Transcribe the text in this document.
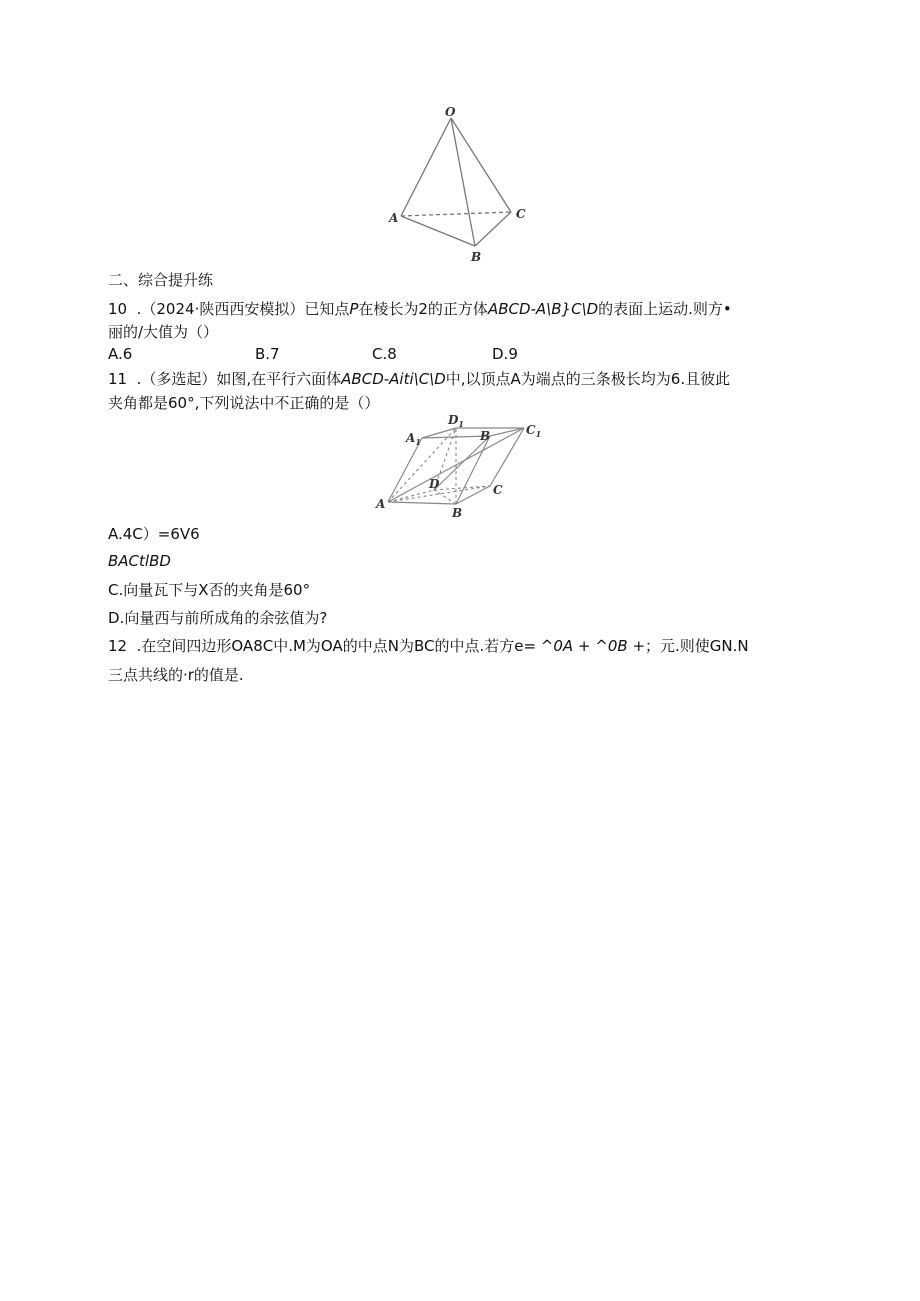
O
A	C
B
二、综合提升练
10  .（2024·陕西西安模拟）已知点P在棱长为2的正方体ABCD-A\B}C\D的表面上运动.则方•
丽的/大值为（）
A.6	B.7	C.8	D.9
11  .（多选起）如图,在平行六面体ABCD-Aiti\C\D中,以顶点A为端点的三条极长均为6.且彼此
夹角都是60°,下列说法中不正确的是（）
$A_1$
$D_1$
B	$C_1$
D	C
A
B
A.4C）=6V6
BACtlBD
C.向量瓦下与X否的夹角是60°
D.向量西与前所成角的余弦值为?
12  .在空间四边形OA8C中.M为OA的中点N为BC的中点.若方e= ^0A + ^0B +；元.则使GN.N
三点共线的·r的值是.
